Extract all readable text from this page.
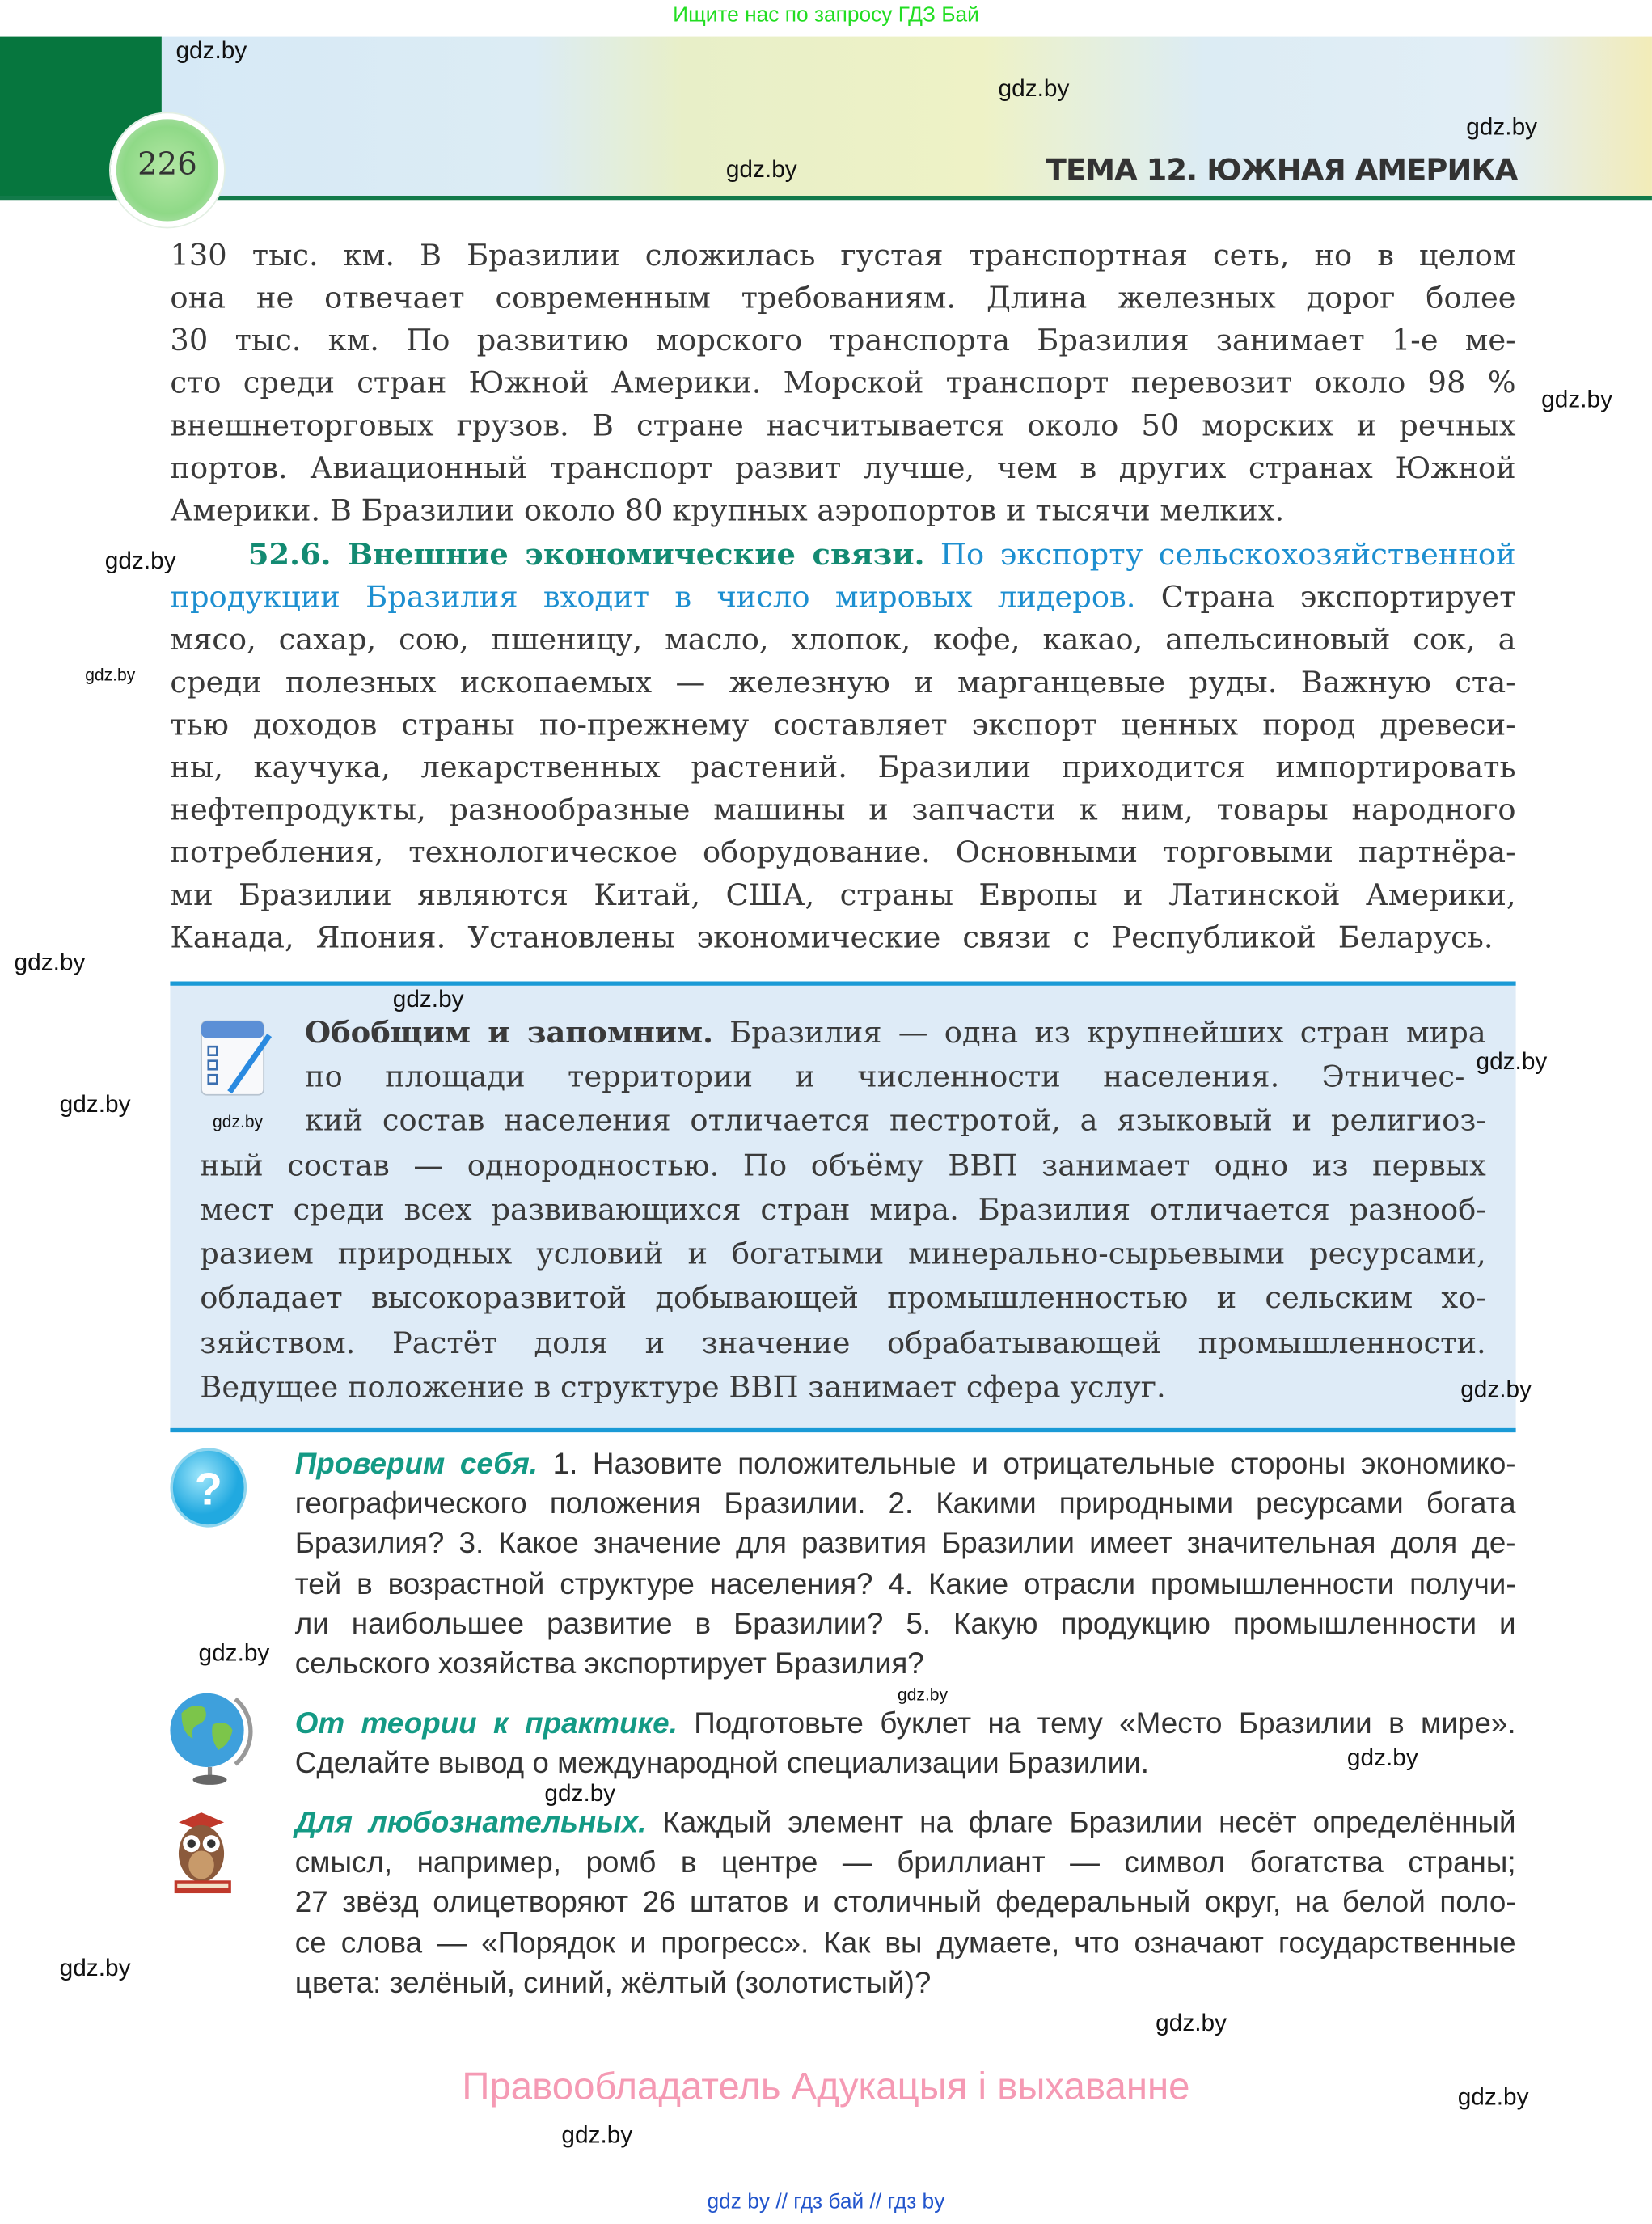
Ищите нас по запросу ГДЗ Бай
226	ТЕМА 12. ЮЖНАЯ АМЕРИКА
130 тыс. км. В Бразилии сложилась густая транспортная сеть, но в целом
она не отвечает современным требованиям. Длина железных дорог более
30 тыс. км. По развитию морского транспорта Бразилия занимает 1-е ме-
сто среди стран Южной Америки. Морской транспорт перевозит около 98 %
внешнеторговых грузов. В стране насчитывается около 50 морских и речных
портов. Авиационный транспорт развит лучше, чем в других странах Южной
Америки. В Бразилии около 80 крупных аэропортов и тысячи мелких.
52.6. Внешние экономические связи. По экспорту сельскохозяйственной
продукции Бразилия входит в число мировых лидеров. Страна экспортирует
мясо, сахар, сою, пшеницу, масло, хлопок, кофе, какао, апельсиновый сок, а
среди полезных ископаемых — железную и марганцевые руды. Важную ста-
тью доходов страны по-прежнему составляет экспорт ценных пород древеси-
ны, каучука, лекарственных растений. Бразилии приходится импортировать
нефтепродукты, разнообразные машины и запчасти к ним, товары народного
потребления, технологическое оборудование. Основными торговыми партнёра-
ми Бразилии являются Китай, США, страны Европы и Латинской Америки,
Канада, Япония. Установлены экономические связи с Республикой Беларусь.
Обобщим и запомним. Бразилия — одна из крупнейших стран мира
по площади территории и численности населения. Этничес-
кий состав населения отличается пестротой, а языковый и религиоз-
ный состав — однородностью. По объёму ВВП занимает одно из первых
мест среди всех развивающихся стран мира. Бразилия отличается разнооб-
разием природных условий и богатыми минерально-сырьевыми ресурсами,
обладает высокоразвитой добывающей промышленностью и сельским хо-
зяйством. Растёт доля и значение обрабатывающей промышленности.
Ведущее положение в структуре ВВП занимает сфера услуг.
?	Проверим себя. 1. Назовите положительные и отрицательные стороны экономико-
географического положения Бразилии. 2. Какими природными ресурсами богата
Бразилия? 3. Какое значение для развития Бразилии имеет значительная доля де-
тей в возрастной структуре населения? 4. Какие отрасли промышленности получи-
ли наибольшее развитие в Бразилии? 5. Какую продукцию промышленности и
сельского хозяйства экспортирует Бразилия?
От теории к практике. Подготовьте буклет на тему «Место Бразилии в мире».
Сделайте вывод о международной специализации Бразилии.
Для любознательных. Каждый элемент на флаге Бразилии несёт определённый
смысл, например, ромб в центре — бриллиант — символ богатства страны;
27 звёзд олицетворяют 26 штатов и столичный федеральный округ, на белой поло-
се слова — «Порядок и прогресс». Как вы думаете, что означают государственные
цвета: зелёный, синий, жёлтый (золотистый)?
Правообладатель Адукацыя і выхаванне
gdz by // гдз бай // гдз by
gdz.by
gdz.by
gdz.by
gdz.by
gdz.by
gdz.by
gdz.by
gdz.by
gdz.by
gdz.by
gdz.by
gdz.by
gdz.by
gdz.by
gdz.by
gdz.by
gdz.by
gdz.by
gdz.by
gdz.by
gdz.by
